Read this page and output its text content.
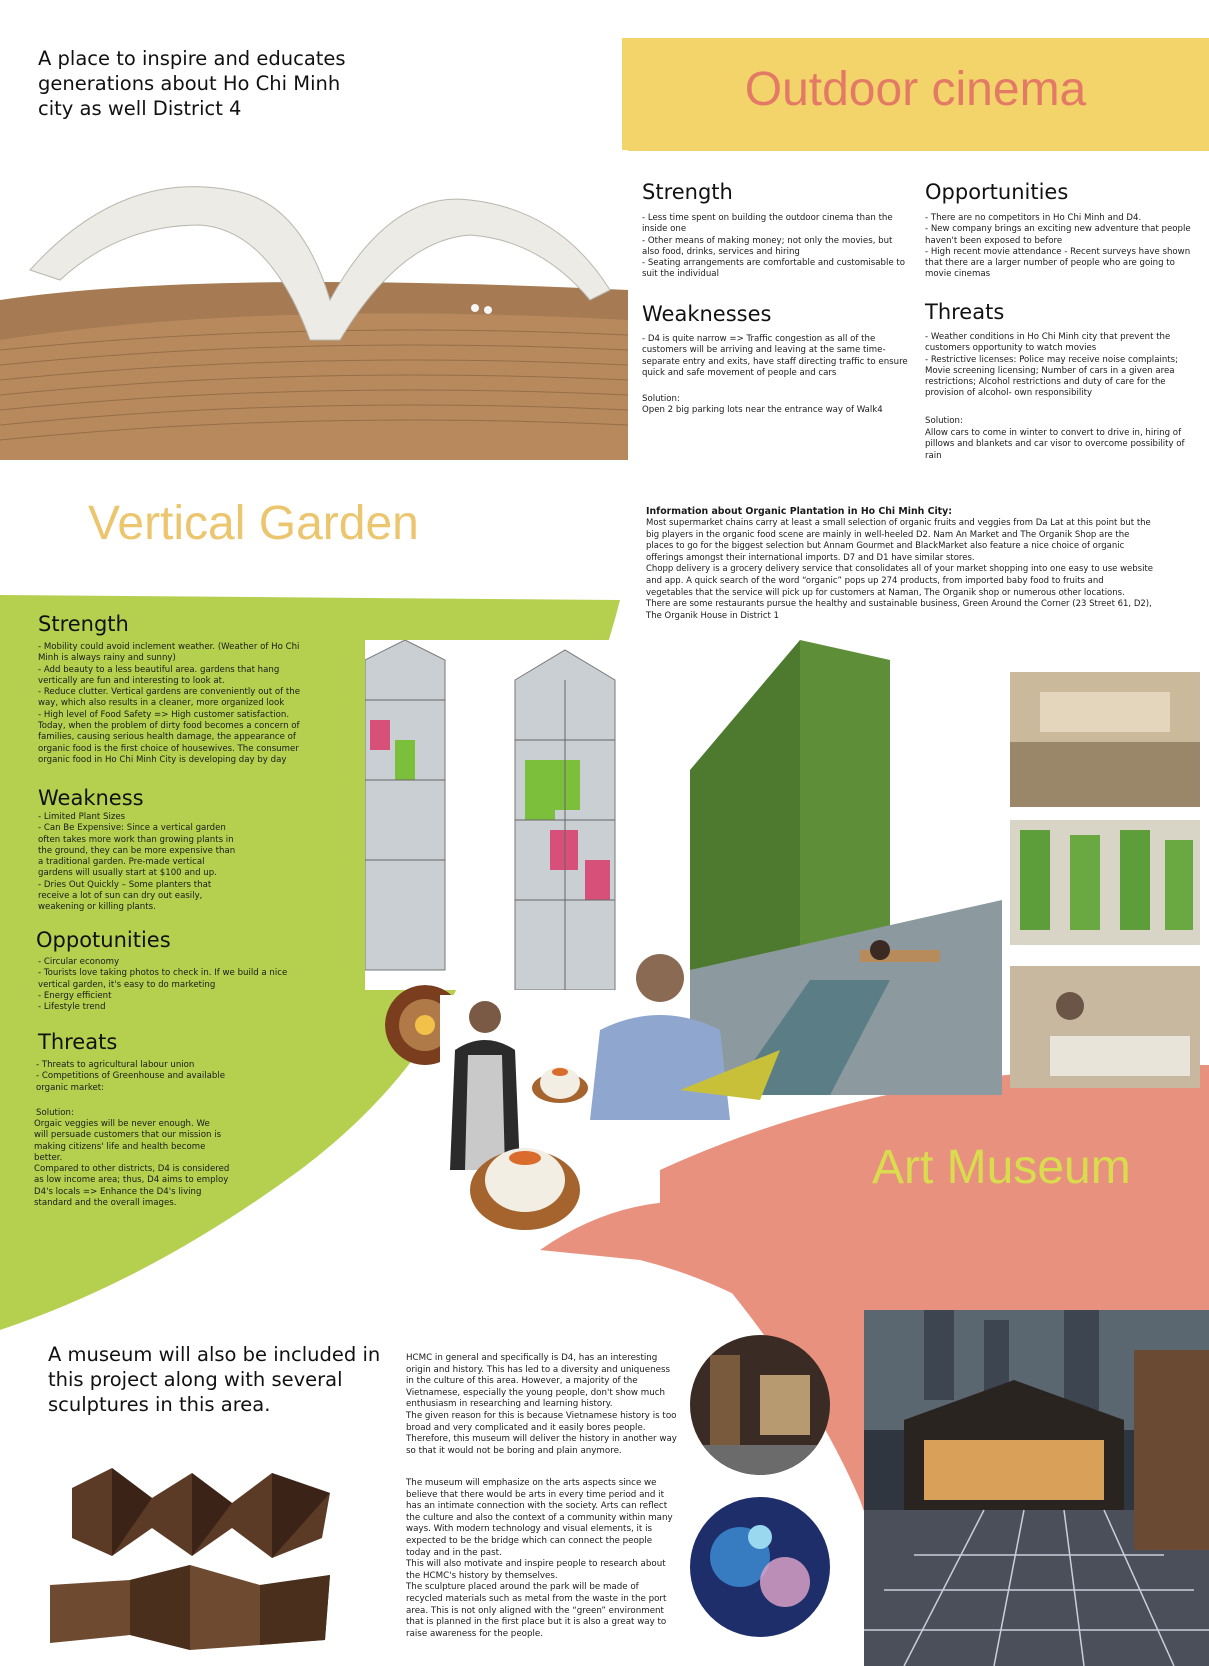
A place to inspire and educates
generations about Ho Chi Minh
city as well District 4	Outdoor cinema
Strength
- Less time spent on building the outdoor cinema than the
inside one
- Other means of making money; not only the movies, but
also food, drinks, services and hiring
- Seating arrangements are comfortable and customisable to
suit the individual
Opportunities
- There are no competitors in Ho Chi Minh and D4.
- New company brings an exciting new adventure that people
haven't been exposed to before
- High recent movie attendance - Recent surveys have shown
that there are a larger number of people who are going to
movie cinemas
Weaknesses
- D4 is quite narrow => Traffic congestion as all of the
customers will be arriving and leaving at the same time-
separate entry and exits, have staff directing traffic to ensure
quick and safe movement of people and cars
Solution:
Open 2 big parking lots near the entrance way of Walk4
Threats
- Weather conditions in Ho Chi Minh city that prevent the
customers opportunity to watch movies
- Restrictive licenses: Police may receive noise complaints;
Movie screening licensing; Number of cars in a given area
restrictions; Alcohol restrictions and duty of care for the
provision of alcohol- own responsibility
Solution:
Allow cars to come in winter to convert to drive in, hiring of
pillows and blankets and car visor to overcome possibility of
rain
Vertical Garden	Information about Organic Plantation in Ho Chi Minh City:
Most supermarket chains carry at least a small selection of organic fruits and veggies from Da Lat at this point but the
big players in the organic food scene are mainly in well-heeled D2. Nam An Market and The Organik Shop are the
places to go for the biggest selection but Annam Gourmet and BlackMarket also feature a nice choice of organic
offerings amongst their international imports. D7 and D1 have similar stores.
Chopp delivery is a grocery delivery service that consolidates all of your market shopping into one easy to use website
and app. A quick search of the word “organic” pops up 274 products, from imported baby food to fruits and
vegetables that the service will pick up for customers at Naman, The Organik shop or numerous other locations.
There are some restaurants pursue the healthy and sustainable business, Green Around the Corner (23 Street 61, D2),
The Organik House in District 1
Strength
- Mobility could avoid inclement weather. (Weather of Ho Chi
Minh is always rainy and sunny)
- Add beauty to a less beautiful area. gardens that hang
vertically are fun and interesting to look at.
- Reduce clutter. Vertical gardens are conveniently out of the
way, which also results in a cleaner, more organized look
- High level of Food Safety => High customer satisfaction.
Today, when the problem of dirty food becomes a concern of
families, causing serious health damage, the appearance of
organic food is the first choice of housewives. The consumer
organic food in Ho Chi Minh City is developing day by day
Weakness
- Limited Plant Sizes
- Can Be Expensive: Since a vertical garden
often takes more work than growing plants in
the ground, they can be more expensive than
a traditional garden. Pre-made vertical
gardens will usually start at $100 and up.
- Dries Out Quickly – Some planters that
receive a lot of sun can dry out easily,
weakening or killing plants.
Oppotunities
- Circular economy
- Tourists love taking photos to check in. If we build a nice
vertical garden, it's easy to do marketing
- Energy efficient
- Lifestyle trend
Threats
- Threats to agricultural labour union
- Competitions of Greenhouse and available
organic market:
Solution:
Orgaic veggies will be never enough. We
will persuade customers that our mission is
making citizens' life and health become
better.
Compared to other districts, D4 is considered
as low income area; thus, D4 aims to employ
D4's locals => Enhance the D4's living
standard and the overall images.
Art Museum
A museum will also be included in
this project along with several
sculptures in this area.
HCMC in general and specifically is D4, has an interesting
origin and history. This has led to a diversity and uniqueness
in the culture of this area. However, a majority of the
Vietnamese, especially the young people, don't show much
enthusiasm in researching and learning history.
The given reason for this is because Vietnamese history is too
broad and very complicated and it easily bores people.
Therefore, this museum will deliver the history in another way
so that it would not be boring and plain anymore.
The museum will emphasize on the arts aspects since we
believe that there would be arts in every time period and it
has an intimate connection with the society. Arts can reflect
the culture and also the context of a community within many
ways. With modern technology and visual elements, it is
expected to be the bridge which can connect the people
today and in the past.
This will also motivate and inspire people to research about
the HCMC's history by themselves.
The sculpture placed around the park will be made of
recycled materials such as metal from the waste in the port
area. This is not only aligned with the “green” environment
that is planned in the first place but it is also a great way to
raise awareness for the people.
